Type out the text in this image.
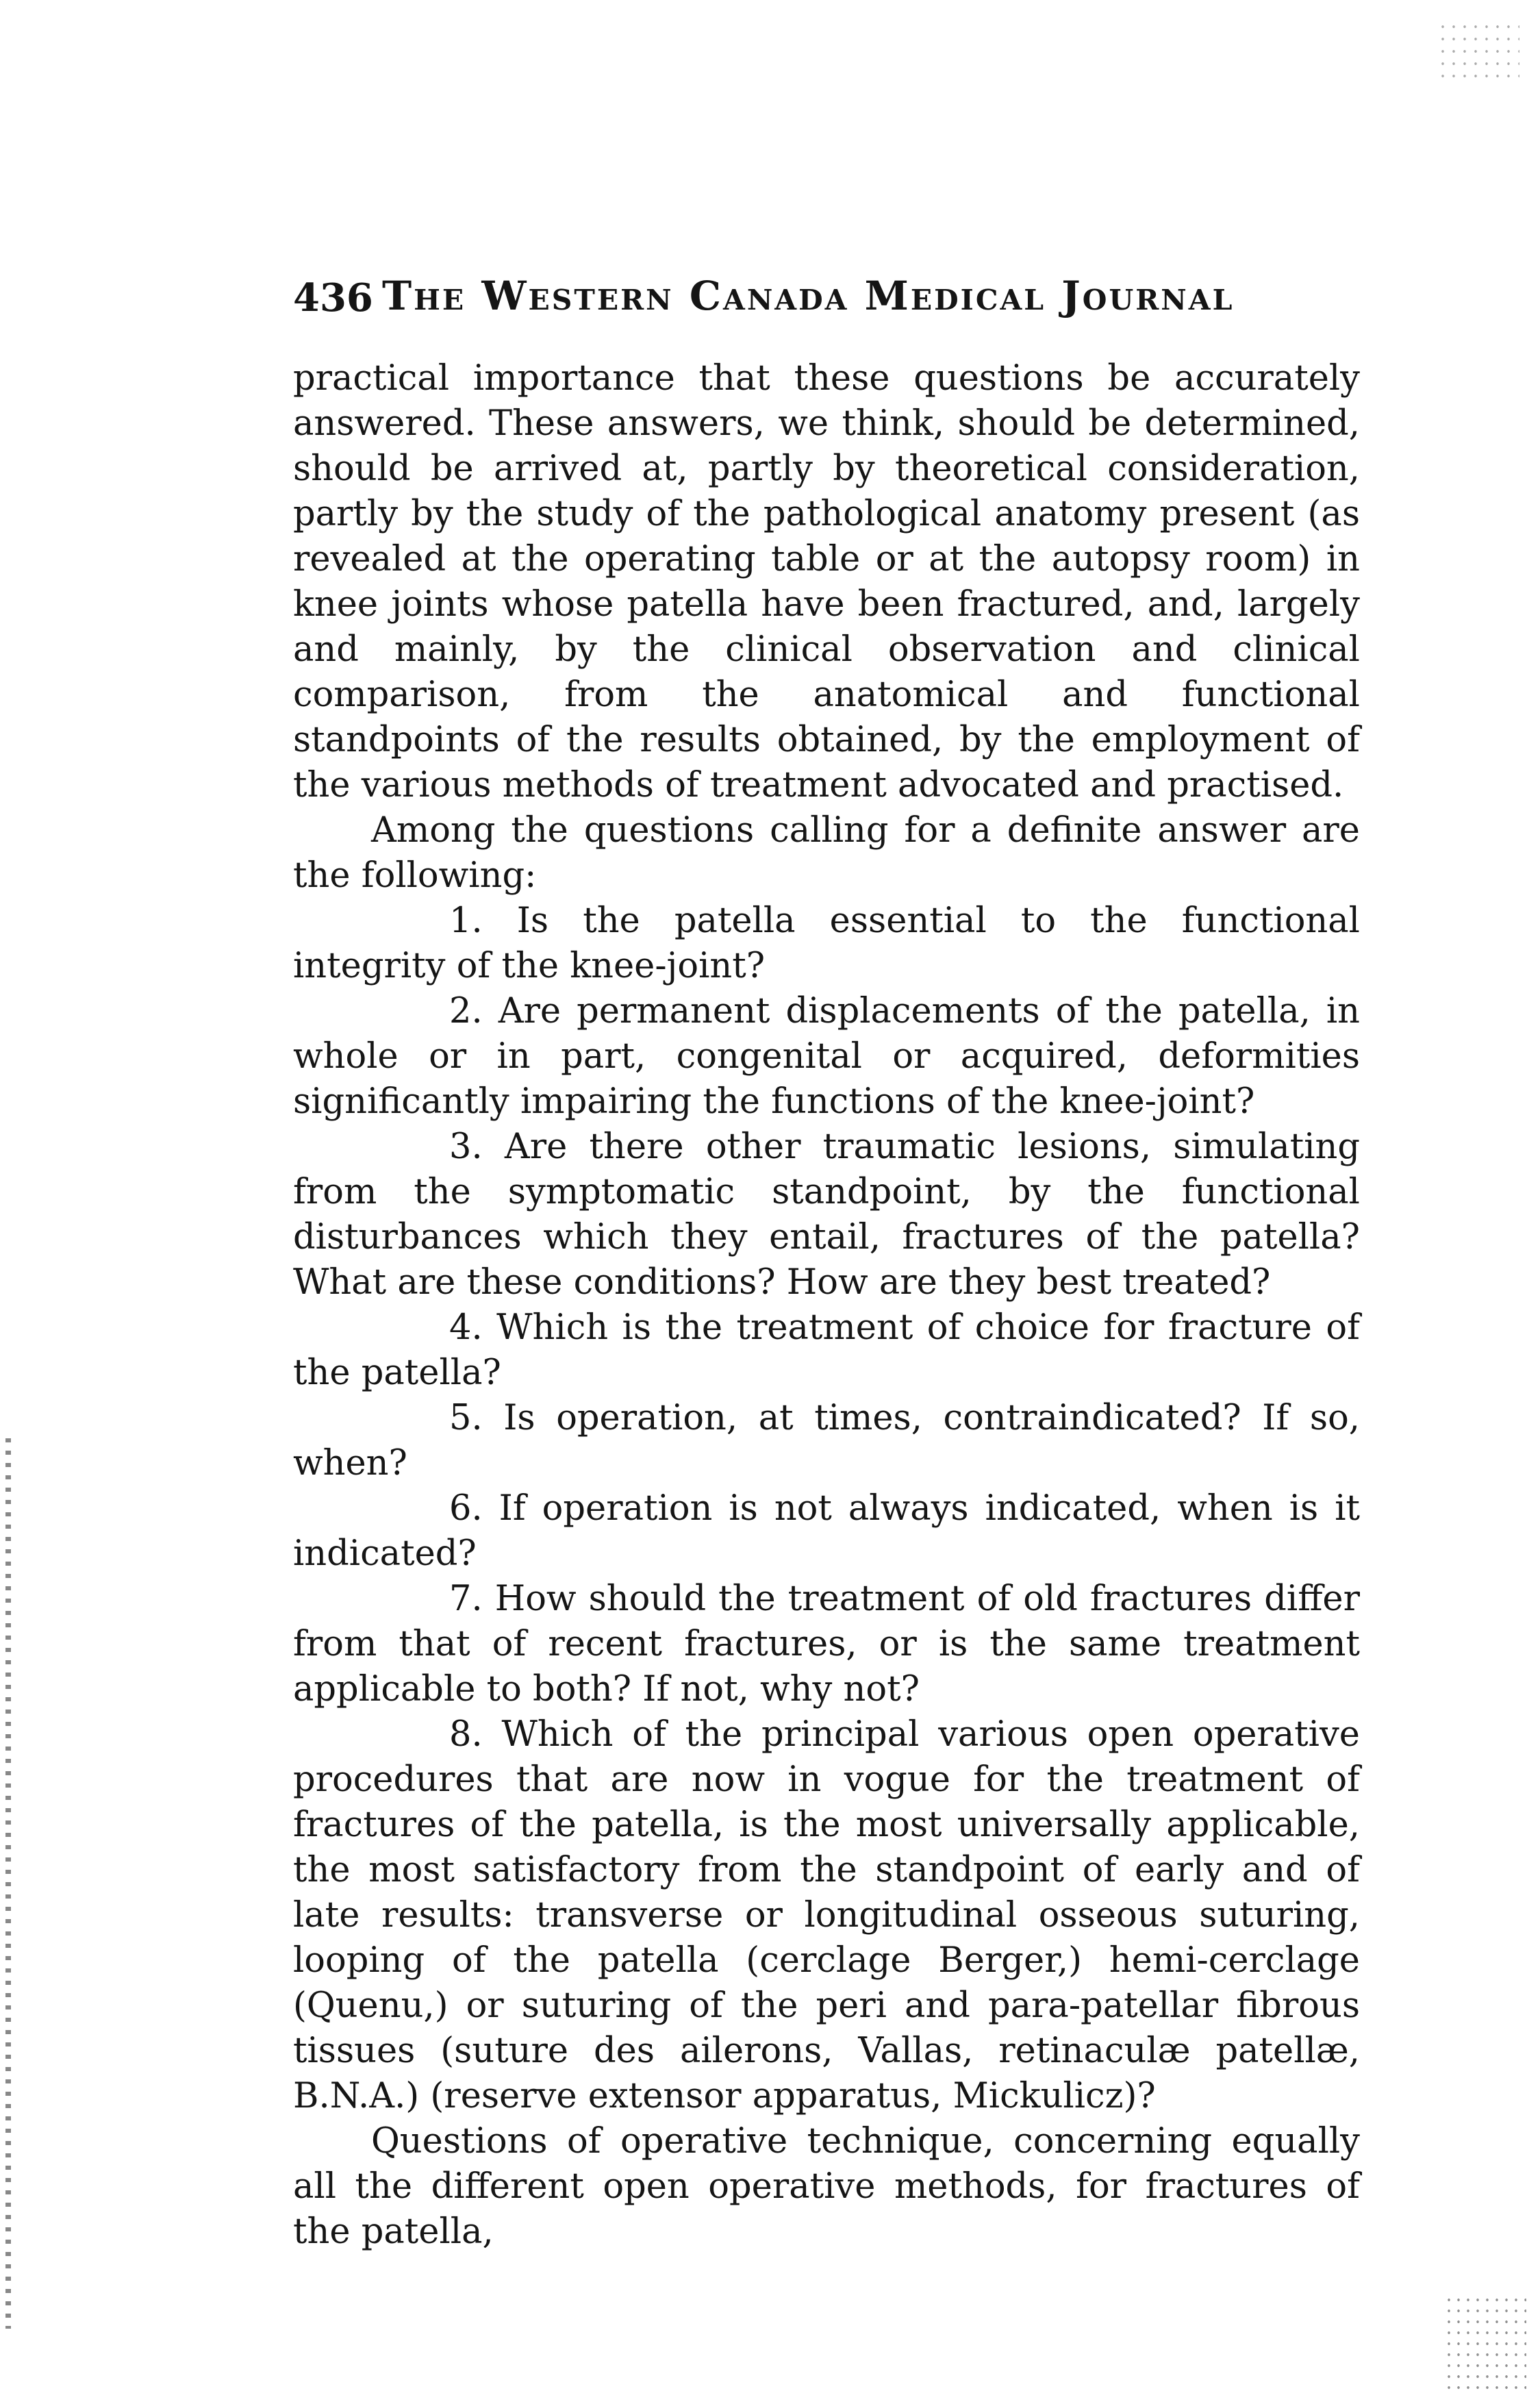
436 The Western Canada Medical Journal

practical importance that these questions be accurately answered. These answers, we think, should be determined, should be arrived at, partly by theoretical consideration, partly by the study of the pathological anatomy present (as revealed at the operating table or at the autopsy room) in knee joints whose patella have been fractured, and, largely and mainly, by the clinical observation and clinical comparison, from the anatomical and functional standpoints of the results obtained, by the employment of the various methods of treatment advocated and practised.

Among the questions calling for a definite answer are the following:

1. Is the patella essential to the functional integrity of the knee-joint?

2. Are permanent displacements of the patella, in whole or in part, congenital or acquired, deformities significantly impairing the functions of the knee-joint?

3. Are there other traumatic lesions, simulating from the symptomatic standpoint, by the functional disturbances which they entail, fractures of the patella? What are these conditions? How are they best treated?

4. Which is the treatment of choice for fracture of the patella?

5. Is operation, at times, contraindicated? If so, when?

6. If operation is not always indicated, when is it indicated?

7. How should the treatment of old fractures differ from that of recent fractures, or is the same treatment applicable to both? If not, why not?

8. Which of the principal various open operative procedures that are now in vogue for the treatment of fractures of the patella, is the most universally applicable, the most satisfactory from the standpoint of early and of late results: transverse or longitudinal osseous suturing, looping of the patella (cerclage Berger,) hemi-cerclage (Quenu,) or suturing of the peri and para-patellar fibrous tissues (suture des ailerons, Vallas, retinaculæ patellæ, B.N.A.) (reserve extensor apparatus, Mickulicz)?

Questions of operative technique, concerning equally all the different open operative methods, for fractures of the patella,
